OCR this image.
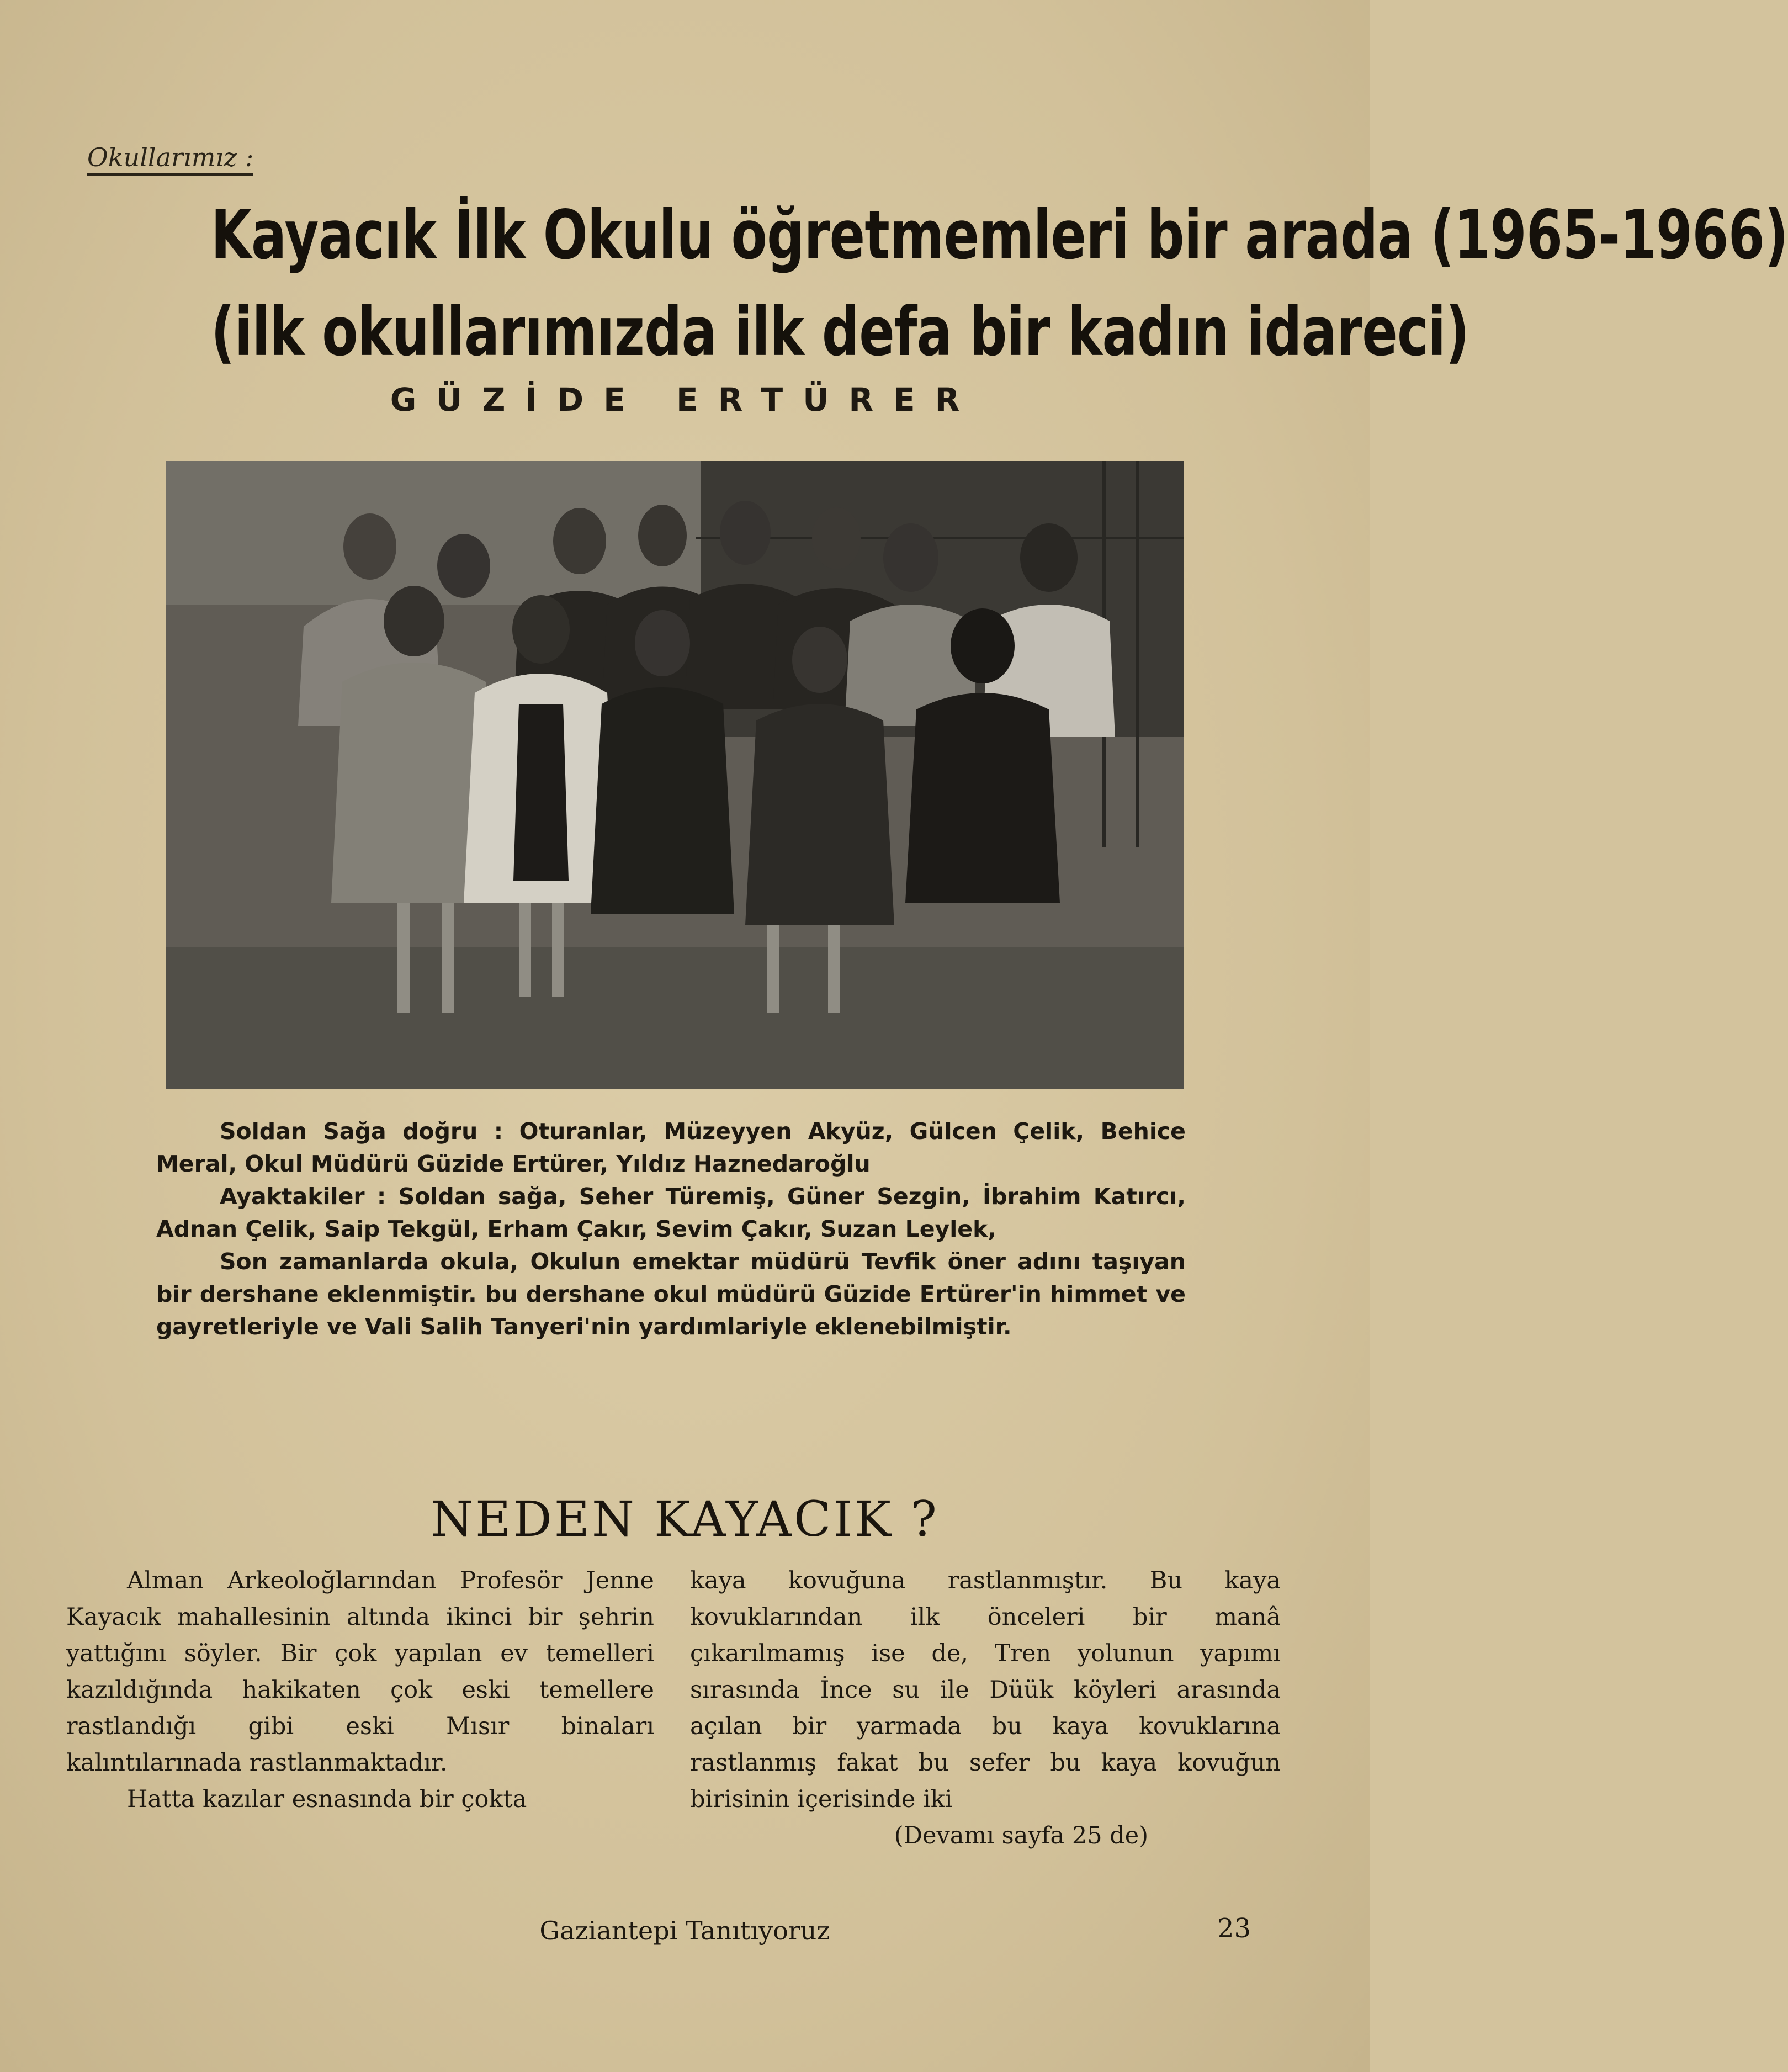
Okullarımız :
Kayacık İlk Okulu öğretmemleri bir arada (1965-1966)
(ilk okullarımızda ilk defa bir kadın idareci)
GÜZİDE ERTÜRER

Soldan Sağa doğru : Oturanlar, Müzeyyen Akyüz, Gülcen Çelik, Behice Meral, Okul Müdürü Güzide Ertürer, Yıldız Haznedaroğlu

Ayaktakiler : Soldan sağa, Seher Türemiş, Güner Sezgin, İbrahim Katırcı, Adnan Çelik, Saip Tekgül, Erham Çakır, Sevim Çakır, Suzan Leylek,

Son zamanlarda okula, Okulun emektar müdürü Tevfik öner adını taşıyan bir dershane eklenmiştir. bu dershane okul müdürü Güzide Ertürer'in himmet ve gayretleriyle ve Vali Salih Tanyeri'nin yardımlariyle eklenebilmiştir.

NEDEN KAYACIK ?

Alman Arkeoloğlarından Profesör Jenne Kayacık mahallesinin altında ikinci bir şehrin yattığını söyler. Bir çok yapılan ev temelleri kazıldığında hakikaten çok eski temellere rastlandığı gibi eski Mısır binaları kalıntılarınada rastlanmaktadır.

Hatta kazılar esnasında bir çokta

kaya kovuğuna rastlanmıştır. Bu kaya kovuklarından ilk önceleri bir manâ çıkarılmamış ise de, Tren yolunun yapımı sırasında İnce su ile Düük köyleri arasında açılan bir yarmada bu kaya kovuklarına rastlanmış fakat bu sefer bu kaya kovuğun birisinin içerisinde iki

(Devamı sayfa 25 de)

Gaziantepi Tanıtıyoruz	23
